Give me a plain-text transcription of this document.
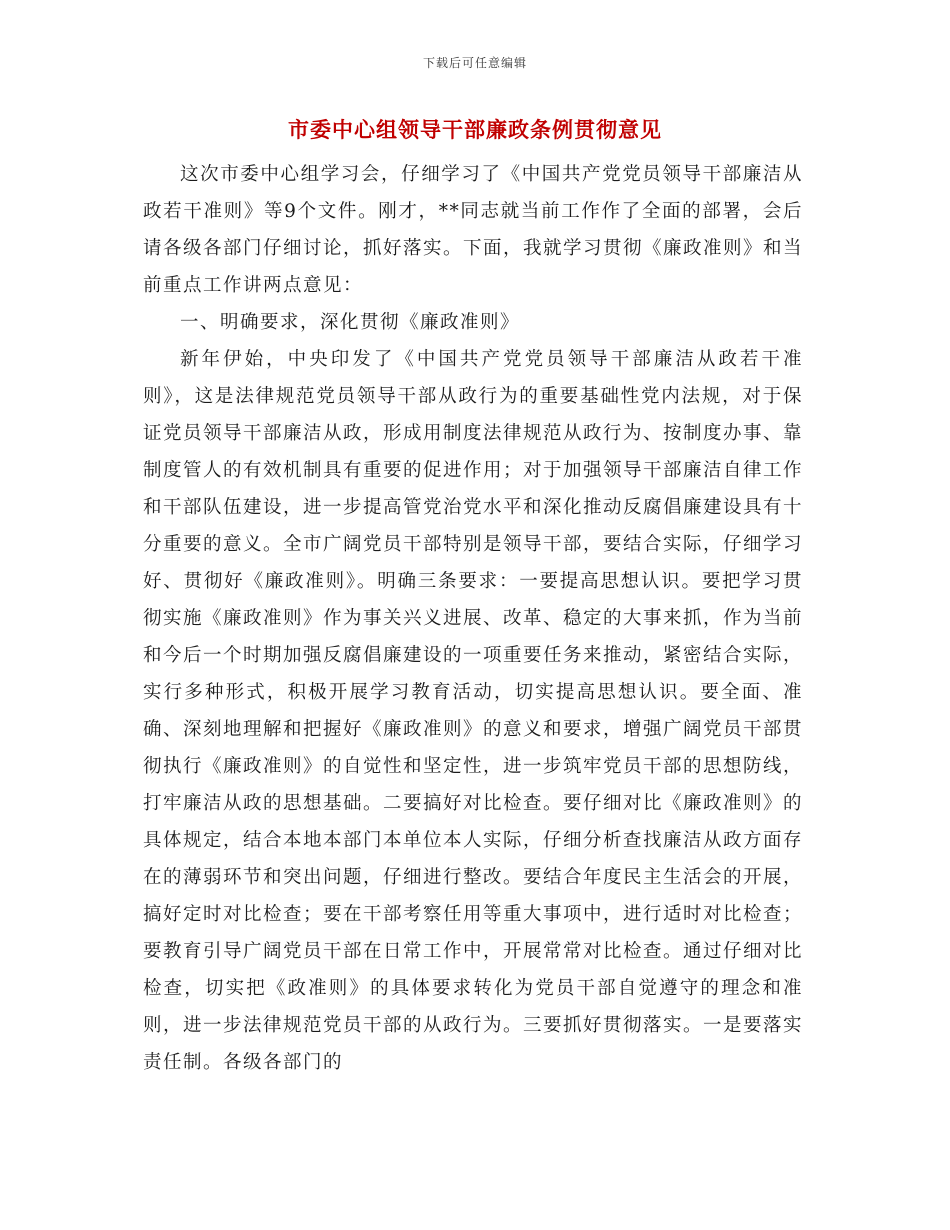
下载后可任意编辑
市委中心组领导干部廉政条例贯彻意见

这次市委中心组学习会，仔细学习了《中国共产党党员领导干部廉洁从政若干准则》等9个文件。刚才，**同志就当前工作作了全面的部署，会后请各级各部门仔细讨论，抓好落实。下面，我就学习贯彻《廉政准则》和当前重点工作讲两点意见：

一、明确要求，深化贯彻《廉政准则》

新年伊始，中央印发了《中国共产党党员领导干部廉洁从政若干准则》，这是法律规范党员领导干部从政行为的重要基础性党内法规，对于保证党员领导干部廉洁从政，形成用制度法律规范从政行为、按制度办事、靠制度管人的有效机制具有重要的促进作用；对于加强领导干部廉洁自律工作和干部队伍建设，进一步提高管党治党水平和深化推动反腐倡廉建设具有十分重要的意义。全市广阔党员干部特别是领导干部，要结合实际，仔细学习好、贯彻好《廉政准则》。明确三条要求：一要提高思想认识。要把学习贯彻实施《廉政准则》作为事关兴义进展、改革、稳定的大事来抓，作为当前和今后一个时期加强反腐倡廉建设的一项重要任务来推动，紧密结合实际，实行多种形式，积极开展学习教育活动，切实提高思想认识。要全面、准确、深刻地理解和把握好《廉政准则》的意义和要求，增强广阔党员干部贯彻执行《廉政准则》的自觉性和坚定性，进一步筑牢党员干部的思想防线，打牢廉洁从政的思想基础。二要搞好对比检查。要仔细对比《廉政准则》的具体规定，结合本地本部门本单位本人实际，仔细分析查找廉洁从政方面存在的薄弱环节和突出问题，仔细进行整改。要结合年度民主生活会的开展，搞好定时对比检查；要在干部考察任用等重大事项中，进行适时对比检查；要教育引导广阔党员干部在日常工作中，开展常常对比检查。通过仔细对比检查，切实把《政准则》的具体要求转化为党员干部自觉遵守的理念和准则，进一步法律规范党员干部的从政行为。三要抓好贯彻落实。一是要落实责任制。各级各部门的
